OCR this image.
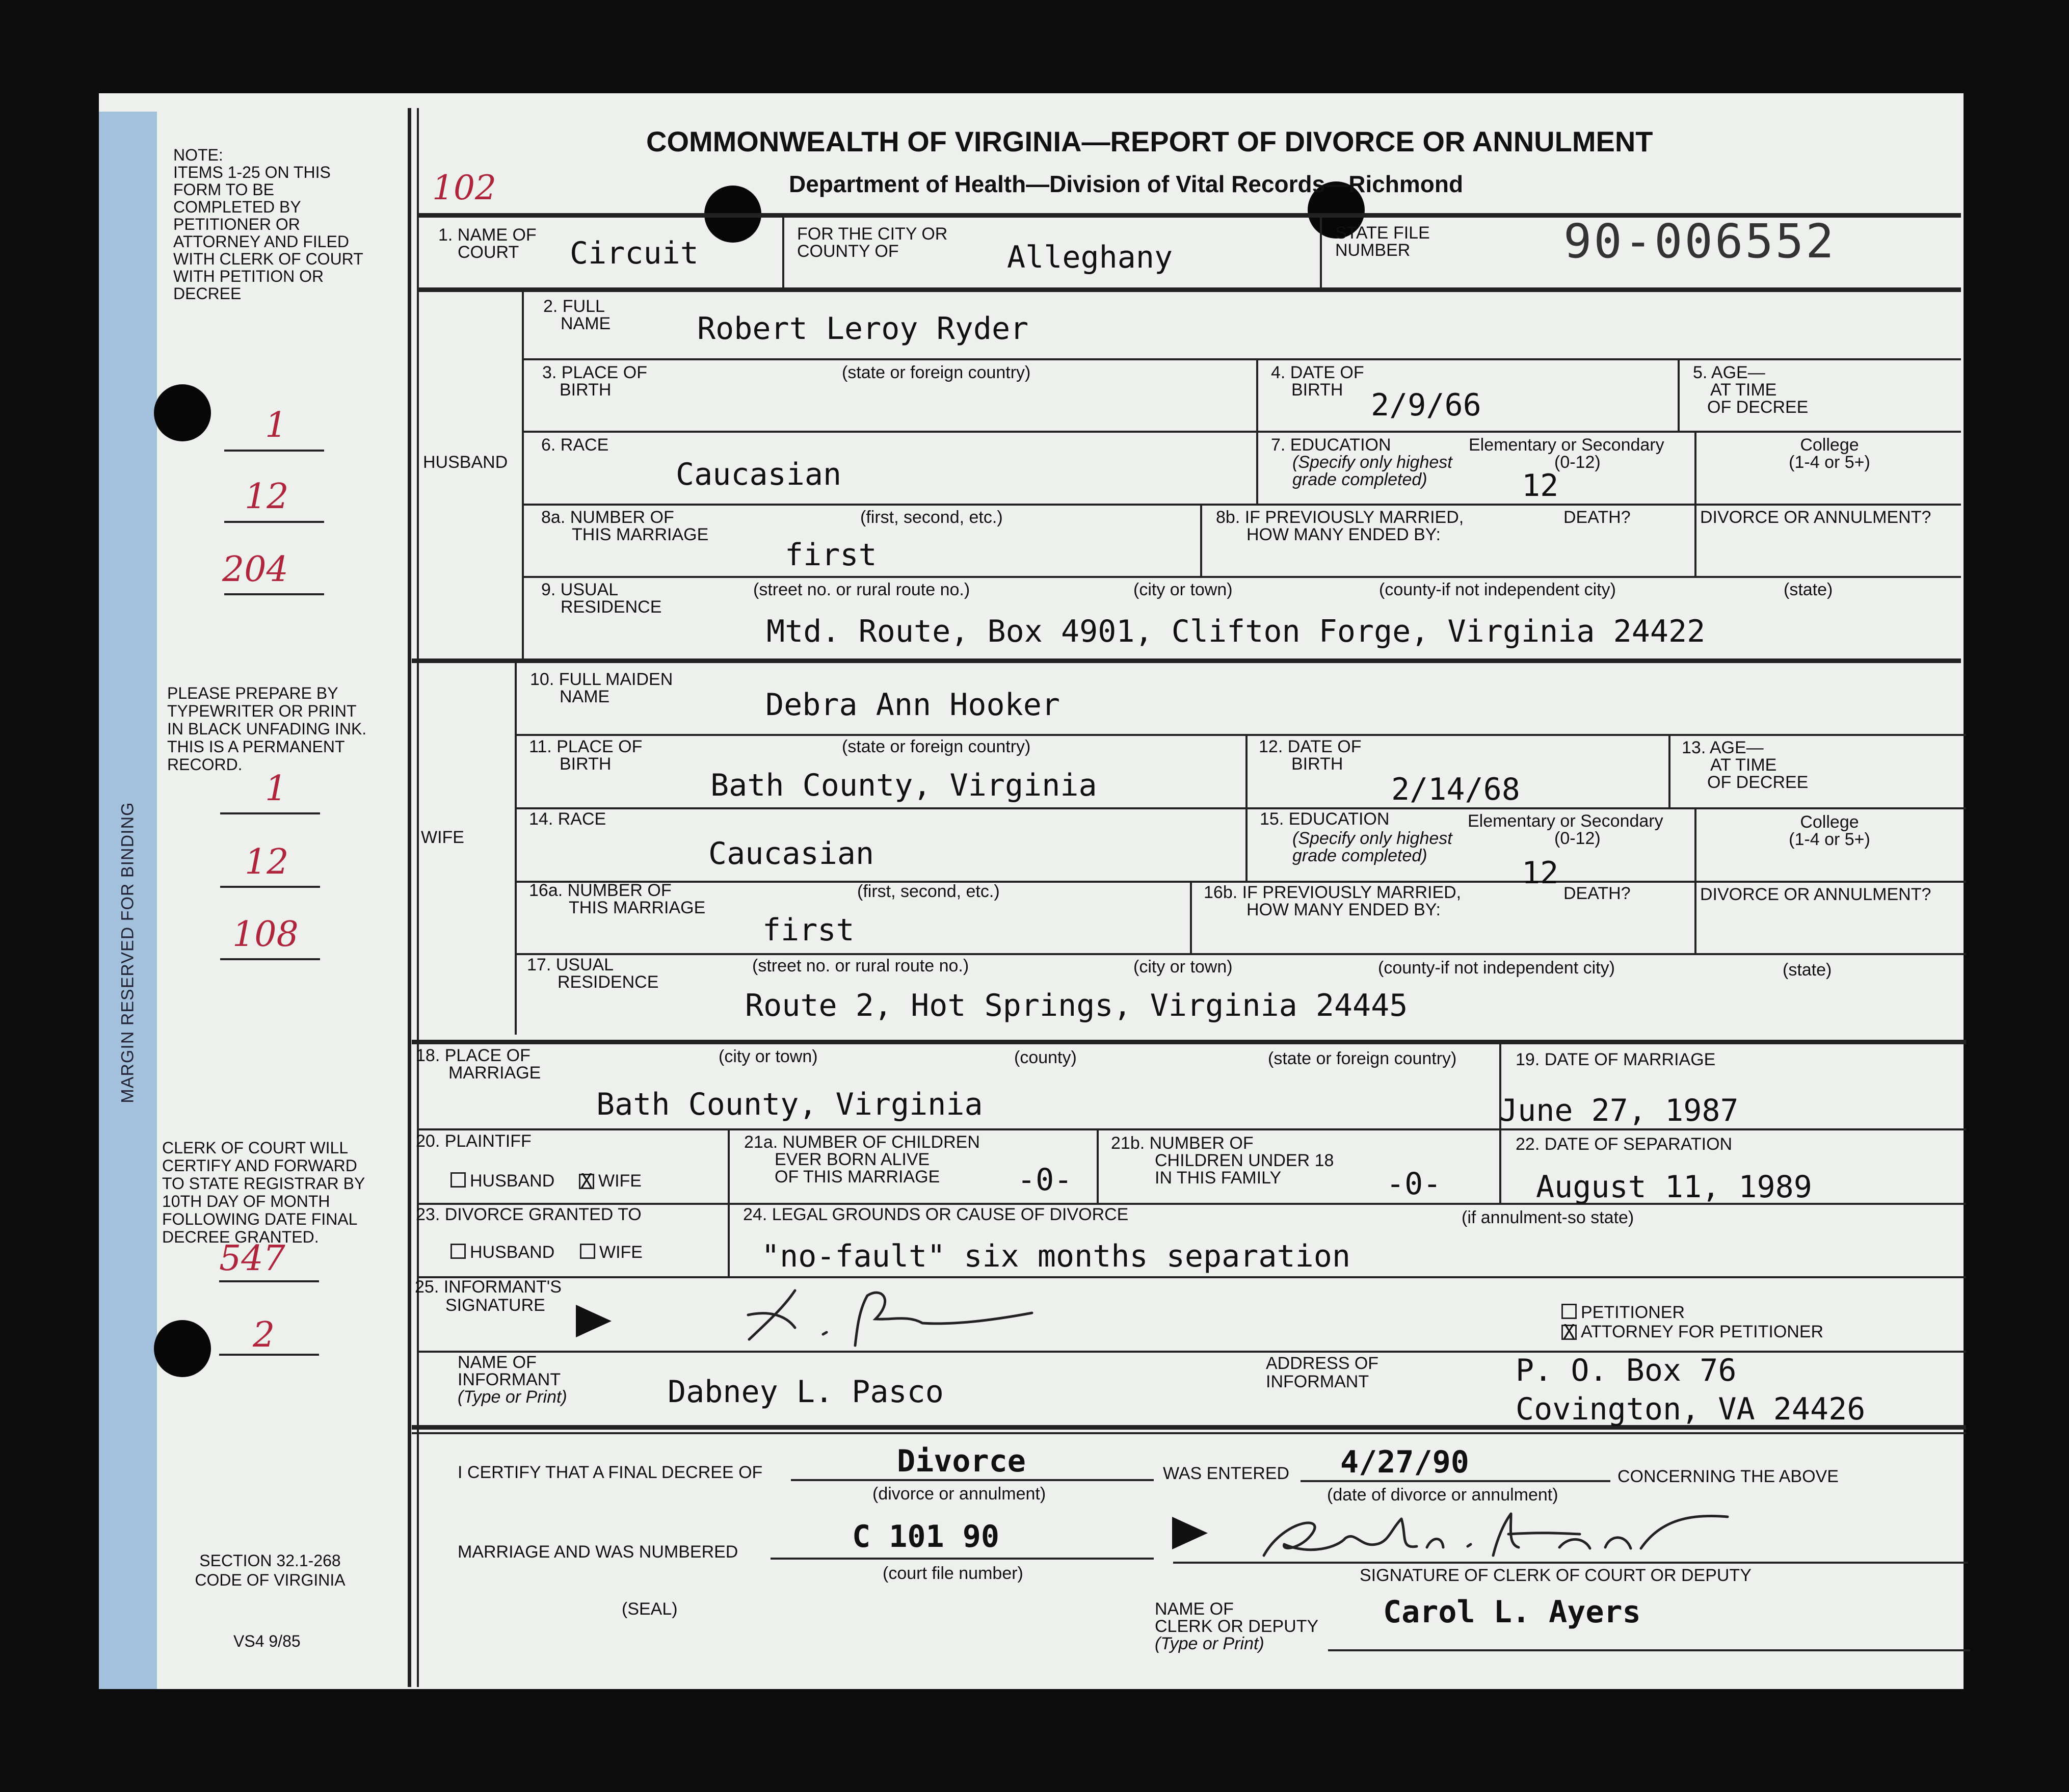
MARGIN RESERVED FOR BINDING
NOTE:
ITEMS 1-25 ON THIS
FORM TO BE
COMPLETED BY
PETITIONER OR
ATTORNEY AND FILED
WITH CLERK OF COURT
WITH PETITION OR
DECREE
PLEASE PREPARE BY
TYPEWRITER OR PRINT
IN BLACK UNFADING INK.
THIS IS A PERMANENT
RECORD.
CLERK OF COURT WILL
CERTIFY AND FORWARD
TO STATE REGISTRAR BY
10TH DAY OF MONTH
FOLLOWING DATE FINAL
DECREE GRANTED.
SECTION 32.1-268
CODE OF VIRGINIA
VS4 9/85
1
12
204
1
12
108
547
2
COMMONWEALTH OF VIRGINIA—REPORT OF DIVORCE OR ANNULMENT
Department of Health—Division of Vital Records—Richmond
102
1. NAME OF
COURT Circuit
FOR THE CITY OR
COUNTY OF	Alleghany
STATE FILE
NUMBER	90-006552
HUSBAND
2. FULL
NAME	Robert Leroy Ryder
3. PLACE OF
BIRTH
(state or foreign country)	4. DATE OF
BIRTH 2/9/66
5. AGE—
AT TIME
OF DECREE
6. RACE
Caucasian
7. EDUCATION
(Specify only highest
grade completed)
Elementary or Secondary
(0-12)
12
College
(1-4 or 5+)
8a. NUMBER OF
THIS MARRIAGE
(first, second, etc.)
first
8b. IF PREVIOUSLY MARRIED,
HOW MANY ENDED BY:
DEATH?	DIVORCE OR ANNULMENT?
9. USUAL
RESIDENCE
(street no. or rural route no.)	(city or town)	(county-if not independent city)	(state)
Mtd. Route, Box 4901, Clifton Forge, Virginia 24422
WIFE
10. FULL MAIDEN
NAME	Debra Ann Hooker
11. PLACE OF
BIRTH
(state or foreign country)
Bath County, Virginia
12. DATE OF
BIRTH
2/14/68
13. AGE—
AT TIME
OF DECREE
14. RACE
Caucasian
15. EDUCATION
(Specify only highest
grade completed)
Elementary or Secondary
(0-12)
12
College
(1-4 or 5+)
16a. NUMBER OF
THIS MARRIAGE
(first, second, etc.)
first
16b. IF PREVIOUSLY MARRIED,
HOW MANY ENDED BY:
DEATH?	DIVORCE OR ANNULMENT?
17. USUAL
RESIDENCE
(street no. or rural route no.)	(city or town)	(county-if not independent city)	(state)
Route 2, Hot Springs, Virginia 24445
18. PLACE OF
MARRIAGE
(city or town)	(county)	(state or foreign country)
Bath County, Virginia
19. DATE OF MARRIAGE
June 27, 1987
20. PLAINTIFF
HUSBAND X WIFE
21a. NUMBER OF CHILDREN
EVER BORN ALIVE
OF THIS MARRIAGE	-0-
21b. NUMBER OF
CHILDREN UNDER 18
IN THIS FAMILY	-0-
22. DATE OF SEPARATION
August 11, 1989
23. DIVORCE GRANTED TO
HUSBAND	WIFE
24. LEGAL GROUNDS OR CAUSE OF DIVORCE	(if annulment-so state)
"no-fault" six months separation
25. INFORMANT'S
SIGNATURE	PETITIONER
X ATTORNEY FOR PETITIONER
NAME OF
INFORMANT
(Type or Print)	Dabney L. Pasco
ADDRESS OF
INFORMANT	P. O. Box 76
Covington, VA 24426
I CERTIFY THAT A FINAL DECREE OF	Divorce
(divorce or annulment)
WAS ENTERED 4/27/90
(date of divorce or annulment)
CONCERNING THE ABOVE
MARRIAGE AND WAS NUMBERED	C 101 90
(court file number)	SIGNATURE OF CLERK OF COURT OR DEPUTY
(SEAL)	NAME OF
CLERK OR DEPUTY
(Type or Print)
Carol L. Ayers
